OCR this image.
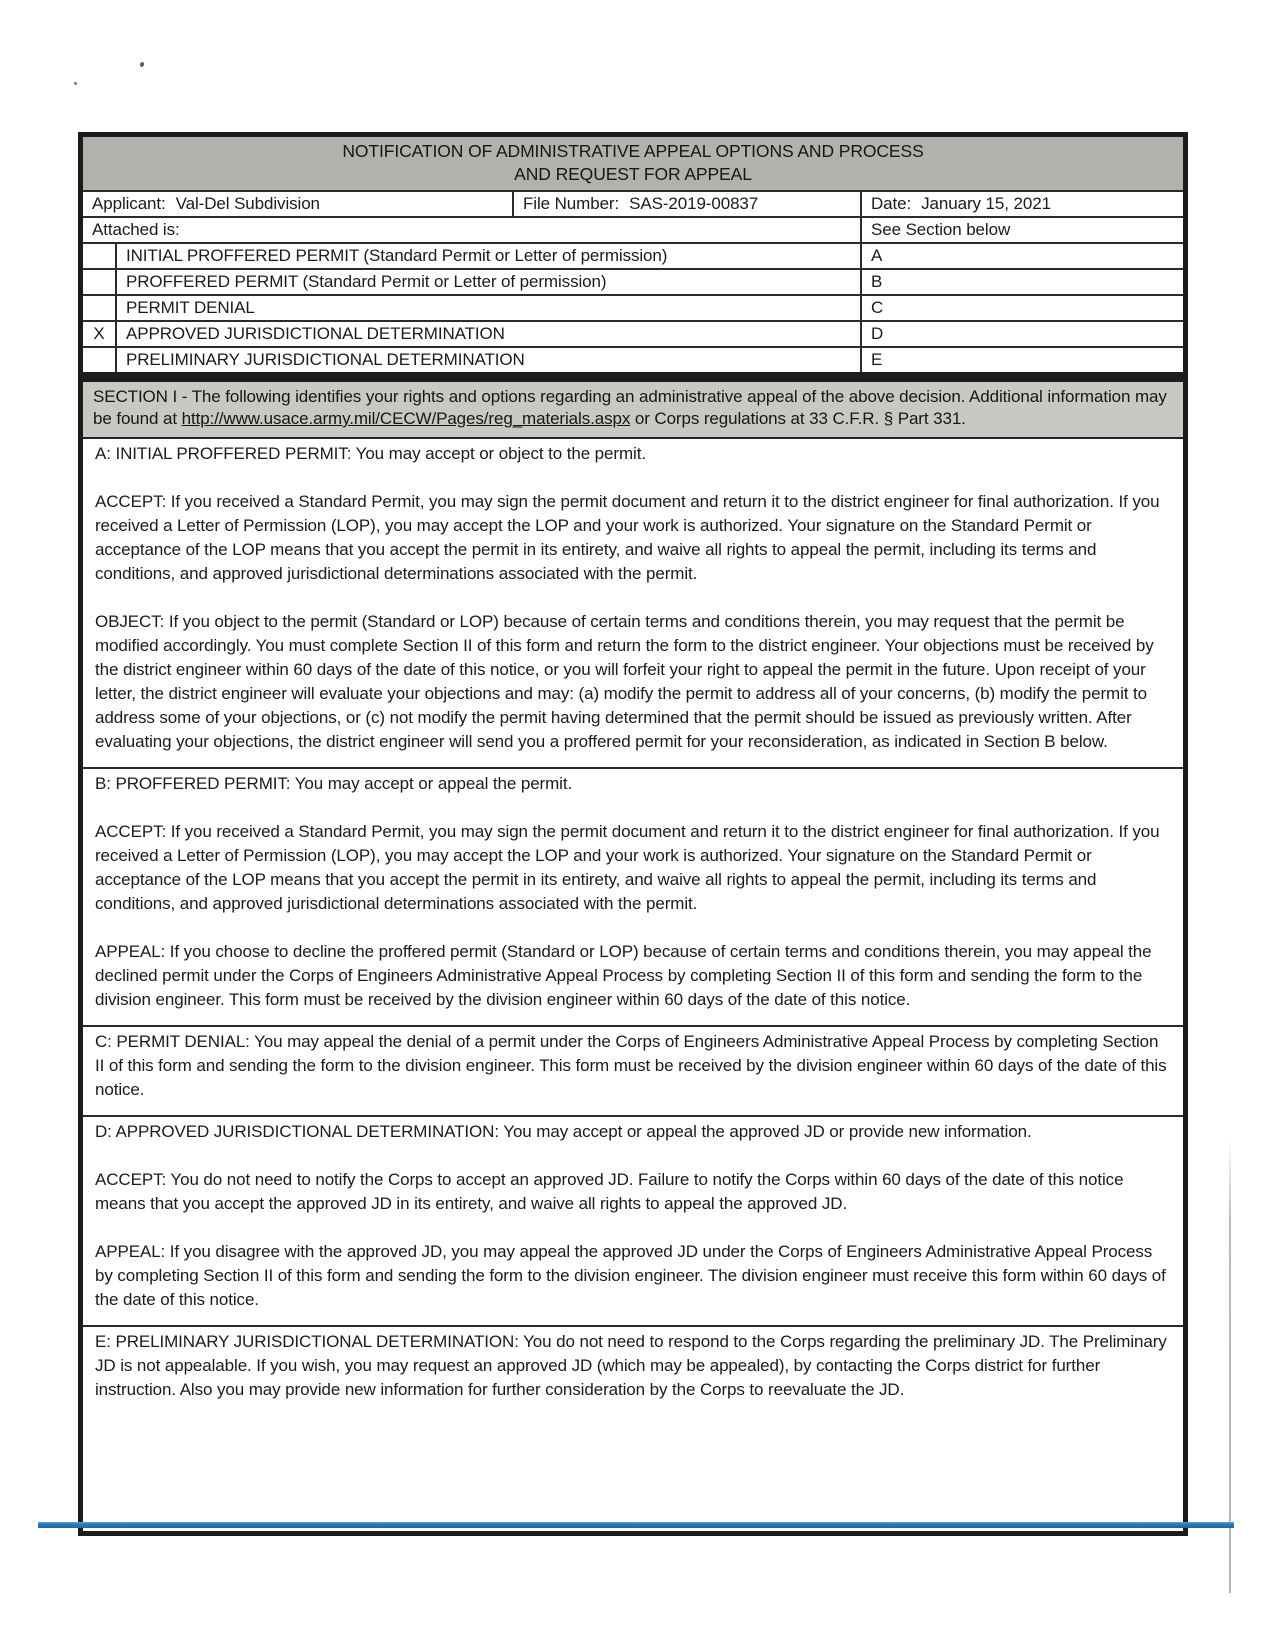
NOTIFICATION OF ADMINISTRATIVE APPEAL OPTIONS AND PROCESS
AND REQUEST FOR APPEAL
Applicant: Val-Del Subdivision	File Number: SAS-2019-00837	Date: January 15, 2021
Attached is:	See Section below
INITIAL PROFFERED PERMIT (Standard Permit or Letter of permission)	A
PROFFERED PERMIT (Standard Permit or Letter of permission)	B
PERMIT DENIAL	C
X	APPROVED JURISDICTIONAL DETERMINATION	D
PRELIMINARY JURISDICTIONAL DETERMINATION	E
SECTION I - The following identifies your rights and options regarding an administrative appeal of the above decision. Additional information may be found at http://www.usace.army.mil/CECW/Pages/reg_materials.aspx or Corps regulations at 33 C.F.R. § Part 331.

A: INITIAL PROFFERED PERMIT: You may accept or object to the permit.

ACCEPT: If you received a Standard Permit, you may sign the permit document and return it to the district engineer for final authorization. If you received a Letter of Permission (LOP), you may accept the LOP and your work is authorized. Your signature on the Standard Permit or acceptance of the LOP means that you accept the permit in its entirety, and waive all rights to appeal the permit, including its terms and conditions, and approved jurisdictional determinations associated with the permit.

OBJECT: If you object to the permit (Standard or LOP) because of certain terms and conditions therein, you may request that the permit be modified accordingly. You must complete Section II of this form and return the form to the district engineer. Your objections must be received by the district engineer within 60 days of the date of this notice, or you will forfeit your right to appeal the permit in the future. Upon receipt of your letter, the district engineer will evaluate your objections and may: (a) modify the permit to address all of your concerns, (b) modify the permit to address some of your objections, or (c) not modify the permit having determined that the permit should be issued as previously written. After evaluating your objections, the district engineer will send you a proffered permit for your reconsideration, as indicated in Section B below.

B: PROFFERED PERMIT: You may accept or appeal the permit.

ACCEPT: If you received a Standard Permit, you may sign the permit document and return it to the district engineer for final authorization. If you received a Letter of Permission (LOP), you may accept the LOP and your work is authorized. Your signature on the Standard Permit or acceptance of the LOP means that you accept the permit in its entirety, and waive all rights to appeal the permit, including its terms and conditions, and approved jurisdictional determinations associated with the permit.

APPEAL: If you choose to decline the proffered permit (Standard or LOP) because of certain terms and conditions therein, you may appeal the declined permit under the Corps of Engineers Administrative Appeal Process by completing Section II of this form and sending the form to the division engineer. This form must be received by the division engineer within 60 days of the date of this notice.

C: PERMIT DENIAL: You may appeal the denial of a permit under the Corps of Engineers Administrative Appeal Process by completing Section II of this form and sending the form to the division engineer. This form must be received by the division engineer within 60 days of the date of this notice.

D: APPROVED JURISDICTIONAL DETERMINATION: You may accept or appeal the approved JD or provide new information.

ACCEPT: You do not need to notify the Corps to accept an approved JD. Failure to notify the Corps within 60 days of the date of this notice means that you accept the approved JD in its entirety, and waive all rights to appeal the approved JD.

APPEAL: If you disagree with the approved JD, you may appeal the approved JD under the Corps of Engineers Administrative Appeal Process by completing Section II of this form and sending the form to the division engineer. The division engineer must receive this form within 60 days of the date of this notice.

E: PRELIMINARY JURISDICTIONAL DETERMINATION: You do not need to respond to the Corps regarding the preliminary JD. The Preliminary JD is not appealable. If you wish, you may request an approved JD (which may be appealed), by contacting the Corps district for further instruction. Also you may provide new information for further consideration by the Corps to reevaluate the JD.
